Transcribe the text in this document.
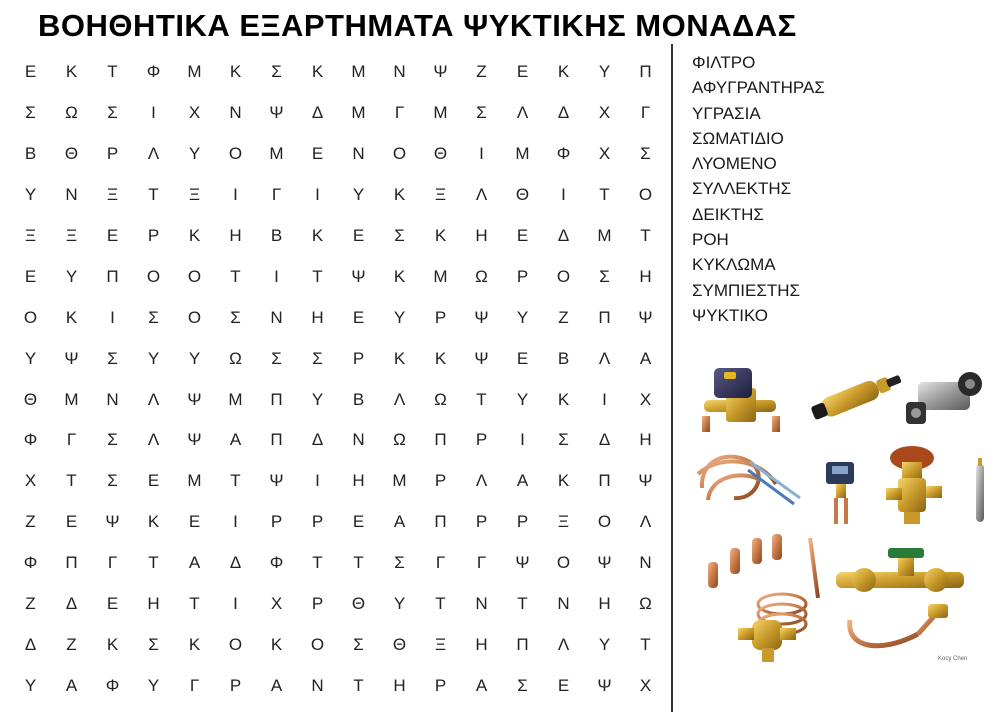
ΒΟΗΘΗΤΙΚΑ ΕΞΑΡΤΗΜΑΤΑ ΨΥΚΤΙΚΗΣ ΜΟΝΑΔΑΣ
Ε	Κ	Τ	Φ	Μ	Κ	Σ	Κ	Μ	Ν	Ψ	Ζ	Ε	Κ	Υ	Π
Σ	Ω	Σ	Ι	Χ	Ν	Ψ	Δ	Μ	Γ	Μ	Σ	Λ	Δ	Χ	Γ
Β	Θ	Ρ	Λ	Υ	Ο	Μ	Ε	Ν	Ο	Θ	Ι	Μ	Φ	Χ	Σ
Υ	Ν	Ξ	Τ	Ξ	Ι	Γ	Ι	Υ	Κ	Ξ	Λ	Θ	Ι	Τ	Ο
Ξ	Ξ	Ε	Ρ	Κ	Η	Β	Κ	Ε	Σ	Κ	Η	Ε	Δ	Μ	Τ
Ε	Υ	Π	Ο	Ο	Τ	Ι	Τ	Ψ	Κ	Μ	Ω	Ρ	Ο	Σ	Η
Ο	Κ	Ι	Σ	Ο	Σ	Ν	Η	Ε	Υ	Ρ	Ψ	Υ	Ζ	Π	Ψ
Υ	Ψ	Σ	Υ	Υ	Ω	Σ	Σ	Ρ	Κ	Κ	Ψ	Ε	Β	Λ	Α
Θ	Μ	Ν	Λ	Ψ	Μ	Π	Υ	Β	Λ	Ω	Τ	Υ	Κ	Ι	Χ
Φ	Γ	Σ	Λ	Ψ	Α	Π	Δ	Ν	Ω	Π	Ρ	Ι	Σ	Δ	Η
Χ	Τ	Σ	Ε	Μ	Τ	Ψ	Ι	Η	Μ	Ρ	Λ	Α	Κ	Π	Ψ
Ζ	Ε	Ψ	Κ	Ε	Ι	Ρ	Ρ	Ε	Α	Π	Ρ	Ρ	Ξ	Ο	Λ
Φ	Π	Γ	Τ	Α	Δ	Φ	Τ	Τ	Σ	Γ	Γ	Ψ	Ο	Ψ	Ν
Ζ	Δ	Ε	Η	Τ	Ι	Χ	Ρ	Θ	Υ	Τ	Ν	Τ	Ν	Η	Ω
Δ	Ζ	Κ	Σ	Κ	Ο	Κ	Ο	Σ	Θ	Ξ	Η	Π	Λ	Υ	Τ
Υ	Α	Φ	Υ	Γ	Ρ	Α	Ν	Τ	Η	Ρ	Α	Σ	Ε	Ψ	Χ
ΦΙΛΤΡΟ
ΑΦΥΓΡΑΝΤΗΡΑΣ
ΥΓΡΑΣΙΑ
ΣΩΜΑΤΙΔΙΟ
ΛΥΟΜΕΝΟ
ΣΥΛΛΕΚΤΗΣ
ΔΕΙΚΤΗΣ
ΡΟΗ
ΚΥΚΛΩΜΑ
ΣΥΜΠΙΕΣΤΗΣ
ΨΥΚΤΙΚΟ
Kocy Chen
